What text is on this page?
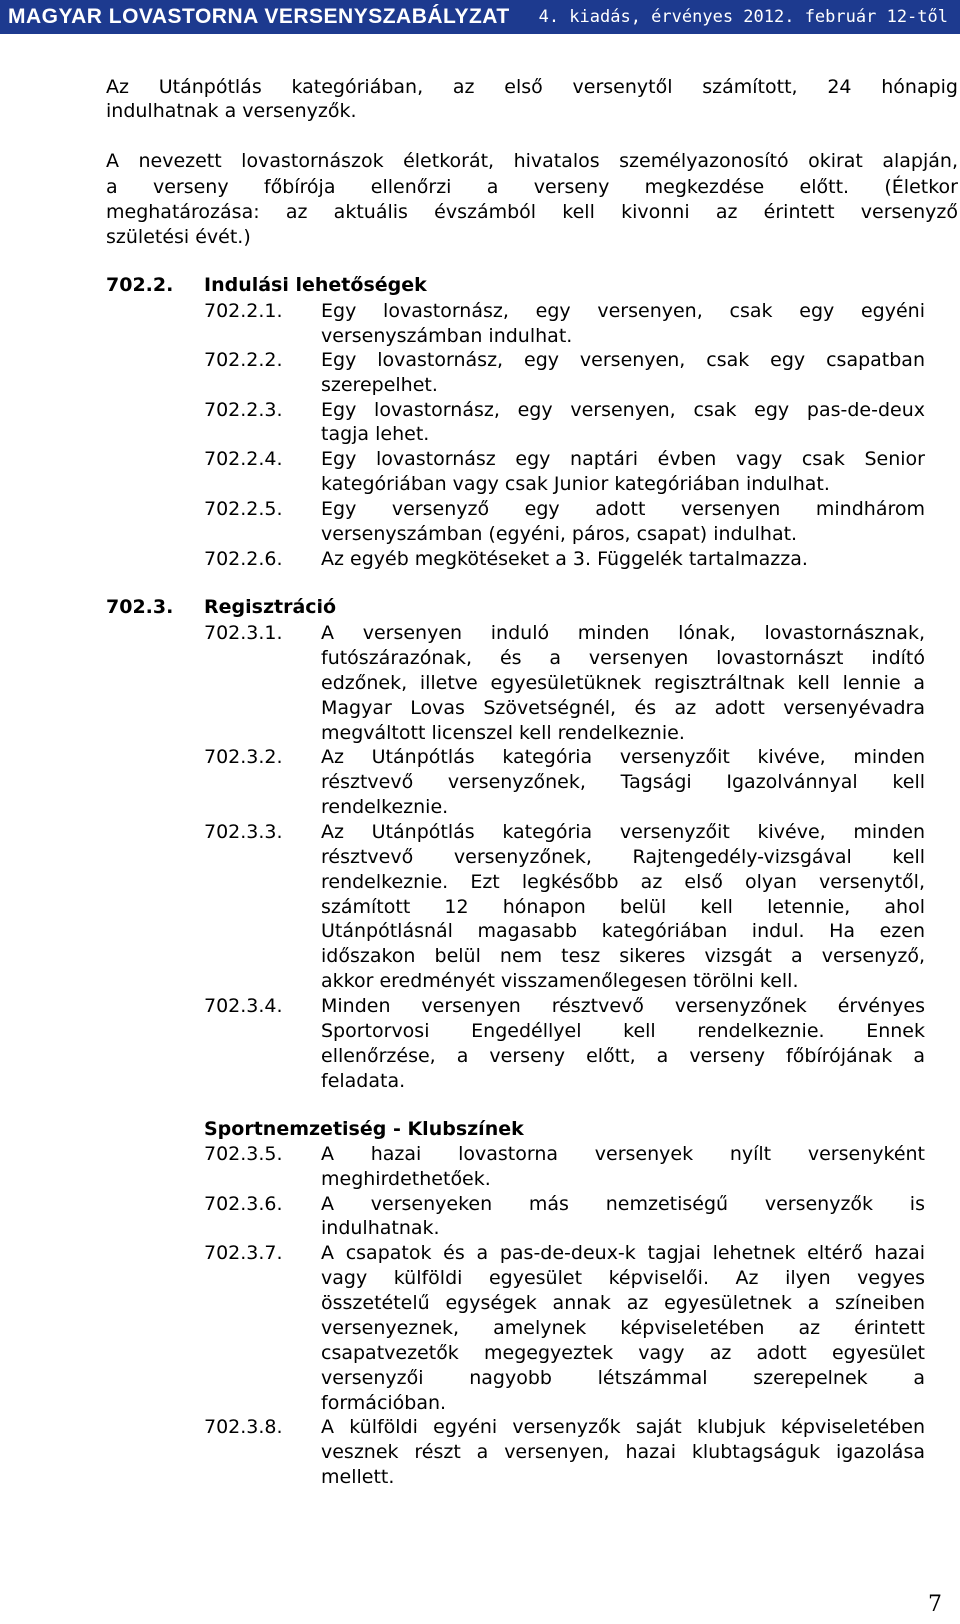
MAGYAR LOVASTORNA VERSENYSZABÁLYZAT 4. kiadás, érvényes 2012. február 12-től

Az Utánpótlás kategóriában, az első versenytől számított, 24 hónapig

indulhatnak a versenyzők.

A nevezett lovastornászok életkorát, hivatalos személyazonosító okirat alapján,

a verseny főbírója ellenőrzi a verseny megkezdése előtt. (Életkor

meghatározása: az aktuális évszámból kell kivonni az érintett versenyző

születési évét.)

702.2. Indulási lehetőségek
702.2.1. Egy lovastornász, egy versenyen, csak egy egyéni

versenyszámban indulhat.

702.2.2. Egy lovastornász, egy versenyen, csak egy csapatban

szerepelhet.

702.2.3. Egy lovastornász, egy versenyen, csak egy pas-de-deux

tagja lehet.

702.2.4. Egy lovastornász egy naptári évben vagy csak Senior

kategóriában vagy csak Junior kategóriában indulhat.

702.2.5. Egy versenyző egy adott versenyen mindhárom

versenyszámban (egyéni, páros, csapat) indulhat.

702.2.6. Az egyéb megkötéseket a 3. Függelék tartalmazza.

702.3. Regisztráció
702.3.1. A versenyen induló minden lónak, lovastornásznak,

futószárazónak, és a versenyen lovastornászt indító

edzőnek, illetve egyesületüknek regisztráltnak kell lennie a

Magyar Lovas Szövetségnél, és az adott versenyévadra

megváltott licenszel kell rendelkeznie.

702.3.2. Az Utánpótlás kategória versenyzőit kivéve, minden

résztvevő versenyzőnek, Tagsági Igazolvánnyal kell

rendelkeznie.

702.3.3. Az Utánpótlás kategória versenyzőit kivéve, minden

résztvevő versenyzőnek, Rajtengedély-vizsgával kell

rendelkeznie. Ezt legkésőbb az első olyan versenytől,

számított 12 hónapon belül kell letennie, ahol

Utánpótlásnál magasabb kategóriában indul. Ha ezen

időszakon belül nem tesz sikeres vizsgát a versenyző,

akkor eredményét visszamenőlegesen törölni kell.

702.3.4. Minden versenyen résztvevő versenyzőnek érvényes

Sportorvosi Engedéllyel kell rendelkeznie. Ennek

ellenőrzése, a verseny előtt, a verseny főbírójának a

feladata.

Sportnemzetiség - Klubszínek
702.3.5. A hazai lovastorna versenyek nyílt versenyként

meghirdethetőek.

702.3.6. A versenyeken más nemzetiségű versenyzők is

indulhatnak.

702.3.7. A csapatok és a pas-de-deux-k tagjai lehetnek eltérő hazai

vagy külföldi egyesület képviselői. Az ilyen vegyes

összetételű egységek annak az egyesületnek a színeiben

versenyeznek, amelynek képviseletében az érintett

csapatvezetők megegyeztek vagy az adott egyesület

versenyzői nagyobb létszámmal szerepelnek a

formációban.

702.3.8. A külföldi egyéni versenyzők saját klubjuk képviseletében

vesznek részt a versenyen, hazai klubtagságuk igazolása

mellett.

7
